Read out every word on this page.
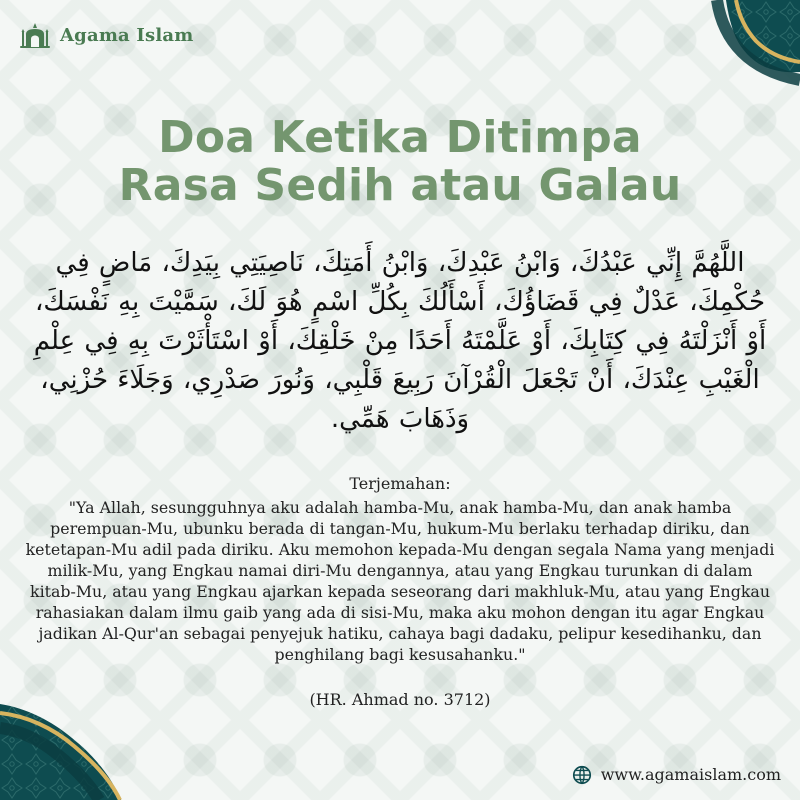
Agama Islam
Doa Ketika Ditimpa
Rasa Sedih atau Galau
اللَّهُمَّ إِنِّي عَبْدُكَ، وَابْنُ عَبْدِكَ، وَابْنُ أَمَتِكَ، نَاصِيَتِي بِيَدِكَ، مَاضٍ فِي حُكْمِكَ، عَدْلٌ فِي قَضَاؤُكَ، أَسْأَلُكَ بِكُلِّ اسْمٍ هُوَ لَكَ، سَمَّيْتَ بِهِ نَفْسَكَ، أَوْ أَنْزَلْتَهُ فِي كِتَابِكَ، أَوْ عَلَّمْتَهُ أَحَدًا مِنْ خَلْقِكَ، أَوْ اسْتَأْثَرْتَ بِهِ فِي عِلْمِ الْغَيْبِ عِنْدَكَ، أَنْ تَجْعَلَ الْقُرْآنَ رَبِيعَ قَلْبِي، وَنُورَ صَدْرِي، وَجَلَاءَ حُزْنِي، وَذَهَابَ هَمِّي.
Terjemahan:
"Ya Allah, sesungguhnya aku adalah hamba-Mu, anak hamba-Mu, dan anak hamba perempuan-Mu, ubunku berada di tangan-Mu, hukum-Mu berlaku terhadap diriku, dan ketetapan-Mu adil pada diriku. Aku memohon kepada-Mu dengan segala Nama yang menjadi milik-Mu, yang Engkau namai diri-Mu dengannya, atau yang Engkau turunkan di dalam kitab-Mu, atau yang Engkau ajarkan kepada seseorang dari makhluk-Mu, atau yang Engkau rahasiakan dalam ilmu gaib yang ada di sisi-Mu, maka aku mohon dengan itu agar Engkau jadikan Al-Qur'an sebagai penyejuk hatiku, cahaya bagi dadaku, pelipur kesedihanku, dan penghilang bagi kesusahanku."
(HR. Ahmad no. 3712)
www.agamaislam.com
